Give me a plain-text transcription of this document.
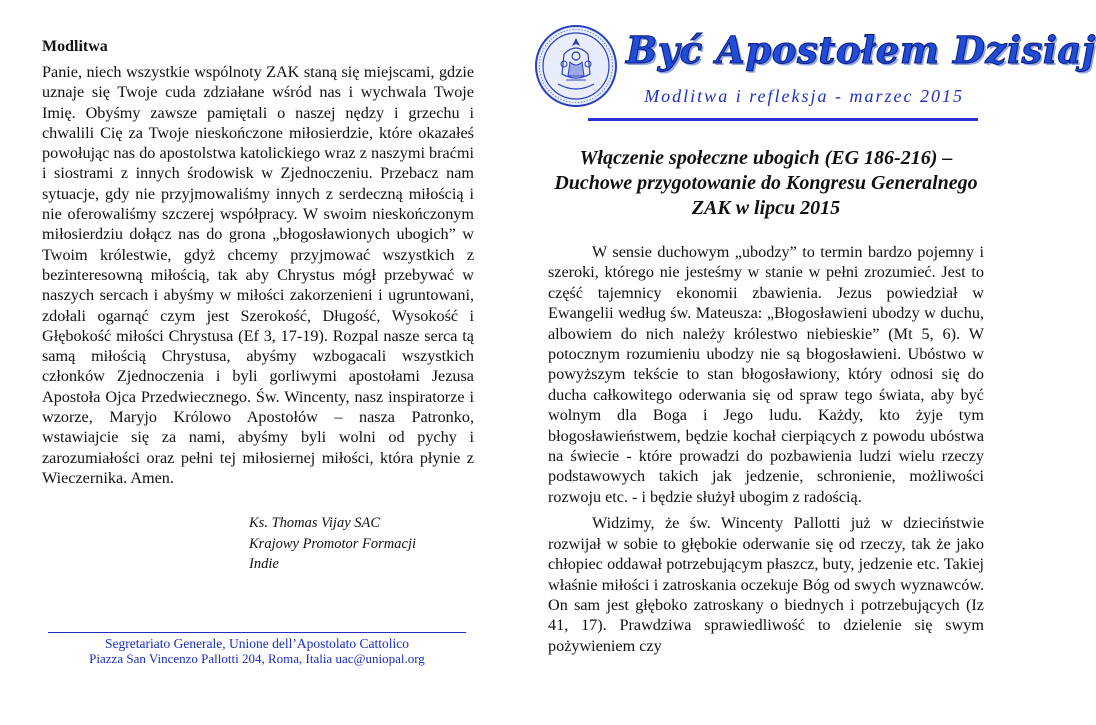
Modlitwa

Panie, niech wszystkie wspólnoty ZAK staną się miejscami, gdzie uznaje się Twoje cuda zdziałane wśród nas i wychwala Twoje Imię. Obyśmy zawsze pamiętali o naszej nędzy i grzechu i chwalili Cię za Twoje nieskończone miłosierdzie, które okazałeś powołując nas do apostolstwa katolickiego wraz z naszymi braćmi i siostrami z innych środowisk w Zjednoczeniu. Przebacz nam sytuacje, gdy nie przyjmowaliśmy innych z serdeczną miłością i nie oferowaliśmy szczerej współpracy. W swoim nieskończonym miłosierdziu dołącz nas do grona „błogosławionych ubogich” w Twoim królestwie, gdyż chcemy przyjmować wszystkich z bezinteresowną miłością, tak aby Chrystus mógł przebywać w naszych sercach i abyśmy w miłości zakorzenieni i ugruntowani, zdołali ogarnąć czym jest Szerokość, Długość, Wysokość i Głębokość miłości Chrystusa (Ef 3, 17-19). Rozpal nasze serca tą samą miłością Chrystusa, abyśmy wzbogacali wszystkich członków Zjednoczenia i byli gorliwymi apostołami Jezusa Apostoła Ojca Przedwiecznego. Św. Wincenty, nasz inspiratorze i wzorze, Maryjo Królowo Apostołów – nasza Patronko, wstawiajcie się za nami, abyśmy byli wolni od pychy i zarozumiałości oraz pełni tej miłosiernej miłości, która płynie z Wieczernika. Amen.

Ks. Thomas Vijay SAC
Krajowy Promotor Formacji
Indie
Segretariato Generale, Unione dell’Apostolato Cattolico
Piazza San Vincenzo Pallotti 204, Roma, Italia uac@uniopal.org
Być Apostołem Dzisiaj
Modlitwa i refleksja - marzec 2015
Włączenie społeczne ubogich (EG 186-216) – Duchowe przygotowanie do Kongresu Generalnego ZAK w lipcu 2015

W sensie duchowym „ubodzy” to termin bardzo pojemny i szeroki, którego nie jesteśmy w stanie w pełni zrozumieć. Jest to część tajemnicy ekonomii zbawienia. Jezus powiedział w Ewangelii według św. Mateusza: „Błogosławieni ubodzy w duchu, albowiem do nich należy królestwo niebieskie” (Mt 5, 6). W potocznym rozumieniu ubodzy nie są błogosławieni. Ubóstwo w powyższym tekście to stan błogosławiony, który odnosi się do ducha całkowitego oderwania się od spraw tego świata, aby być wolnym dla Boga i Jego ludu. Każdy, kto żyje tym błogosławieństwem, będzie kochał cierpiących z powodu ubóstwa na świecie - które prowadzi do pozbawienia ludzi wielu rzeczy podstawowych takich jak jedzenie, schronienie, możliwości rozwoju etc. - i będzie służył ubogim z radością.

Widzimy, że św. Wincenty Pallotti już w dzieciństwie rozwijał w sobie to głębokie oderwanie się od rzeczy, tak że jako chłopiec oddawał potrzebującym płaszcz, buty, jedzenie etc. Takiej właśnie miłości i zatroskania oczekuje Bóg od swych wyznawców. On sam jest głęboko zatroskany o biednych i potrzebujących (Iz 41, 17). Prawdziwa sprawiedliwość to dzielenie się swym pożywieniem czy
